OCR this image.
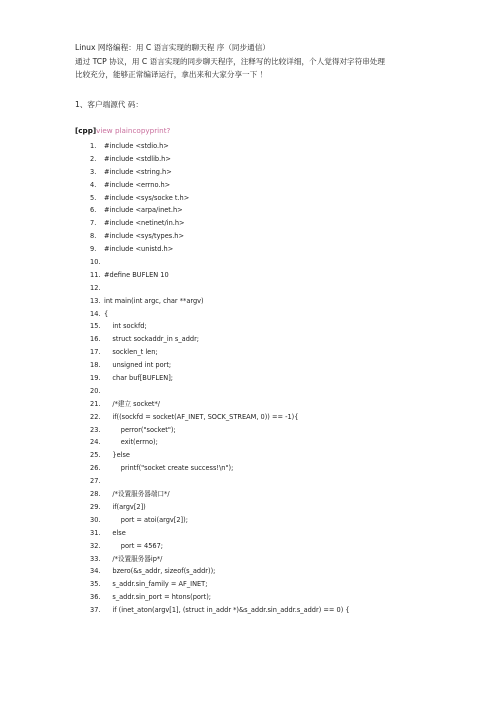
Linux 网络编程：用 C 语言实现的聊天程 序（同步通信）
通过 TCP 协议，用 C 语言实现的同步聊天程序，注释写的比较详细，个人觉得对字符串处理
比较充分，能够正常编译运行，拿出来和大家分享一下 ！
1、客户端源代 码：
[cpp]view plaincopyprint?
1. #include <stdio.h>
2. #include <stdlib.h>
3. #include <string.h>
4. #include <errno.h>
5. #include <sys/socke t.h>
6. #include <arpa/inet.h>
7. #include <netinet/in.h>
8. #include <sys/types.h>
9. #include <unistd.h>
10.
11. #define BUFLEN 10
12.
13. int main(int argc, char **argv)
14. {
15. int sockfd;
16. struct sockaddr_in s_addr;
17. socklen_t len;
18. unsigned int port;
19. char buf[BUFLEN];
20.
21. /*建立 socket*/
22. if((sockfd = socket(AF_INET, SOCK_STREAM, 0)) == -1){
23. perror("socket");
24. exit(errno);
25. }else
26. printf("socket create success!\n");
27.
28. /*设置服务器端口*/
29. if(argv[2])
30. port = atoi(argv[2]);
31. else
32. port = 4567;
33. /*设置服务器ip*/
34. bzero(&s_addr, sizeof(s_addr));
35. s_addr.sin_family = AF_INET;
36. s_addr.sin_port = htons(port);
37. if (inet_aton(argv[1], (struct in_addr *)&s_addr.sin_addr.s_addr) == 0) {
